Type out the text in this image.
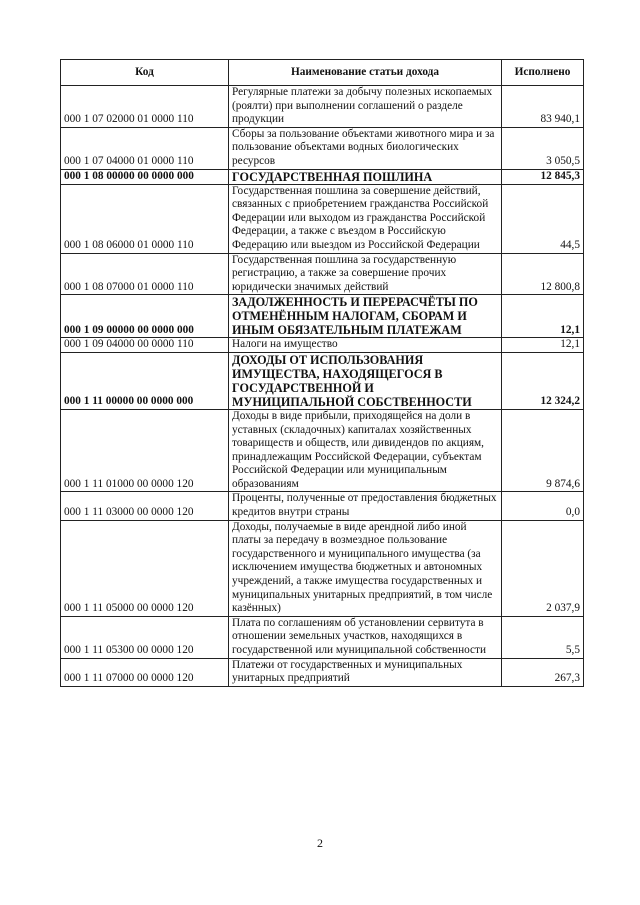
Код	Наименование статьи дохода	Исполнено
000 1 07 02000 01 0000 110	Регулярные платежи за добычу полезных ископаемых (роялти) при выполнении соглашений о разделе продукции	83 940,1
000 1 07 04000 01 0000 110	Сборы за пользование объектами животного мира и за пользование объектами водных биологических ресурсов	3 050,5
000 1 08 00000 00 0000 000	ГОСУДАРСТВЕННАЯ ПОШЛИНА	12 845,3
000 1 08 06000 01 0000 110	Государственная пошлина за совершение действий, связанных с приобретением гражданства Российской Федерации или выходом из гражданства Российской Федерации, а также с въездом в Российскую Федерацию или выездом из Российской Федерации	44,5
000 1 08 07000 01 0000 110	Государственная пошлина за государственную регистрацию, а также за совершение прочих юридически значимых действий	12 800,8
000 1 09 00000 00 0000 000	ЗАДОЛЖЕННОСТЬ И ПЕРЕРАСЧЁТЫ ПО ОТМЕНЁННЫМ НАЛОГАМ, СБОРАМ И ИНЫМ ОБЯЗАТЕЛЬНЫМ ПЛАТЕЖАМ	12,1
000 1 09 04000 00 0000 110	Налоги на имущество	12,1
000 1 11 00000 00 0000 000	ДОХОДЫ ОТ ИСПОЛЬЗОВАНИЯ ИМУЩЕСТВА, НАХОДЯЩЕГОСЯ В ГОСУДАРСТВЕННОЙ И МУНИЦИПАЛЬНОЙ СОБСТВЕННОСТИ	12 324,2
000 1 11 01000 00 0000 120	Доходы в виде прибыли, приходящейся на доли в уставных (складочных) капиталах хозяйственных товариществ и обществ, или дивидендов по акциям, принадлежащим Российской Федерации, субъектам Российской Федерации или муниципальным образованиям	9 874,6
000 1 11 03000 00 0000 120	Проценты, полученные от предоставления бюджетных кредитов внутри страны	0,0
000 1 11 05000 00 0000 120	Доходы, получаемые в виде арендной либо иной платы за передачу в возмездное пользование государственного и муниципального имущества (за исключением имущества бюджетных и автономных учреждений, а также имущества государственных и муниципальных унитарных предприятий, в том числе казённых)	2 037,9
000 1 11 05300 00 0000 120	Плата по соглашениям об установлении сервитута в отношении земельных участков, находящихся в государственной или муниципальной собственности	5,5
000 1 11 07000 00 0000 120	Платежи от государственных и муниципальных унитарных предприятий	267,3
2
